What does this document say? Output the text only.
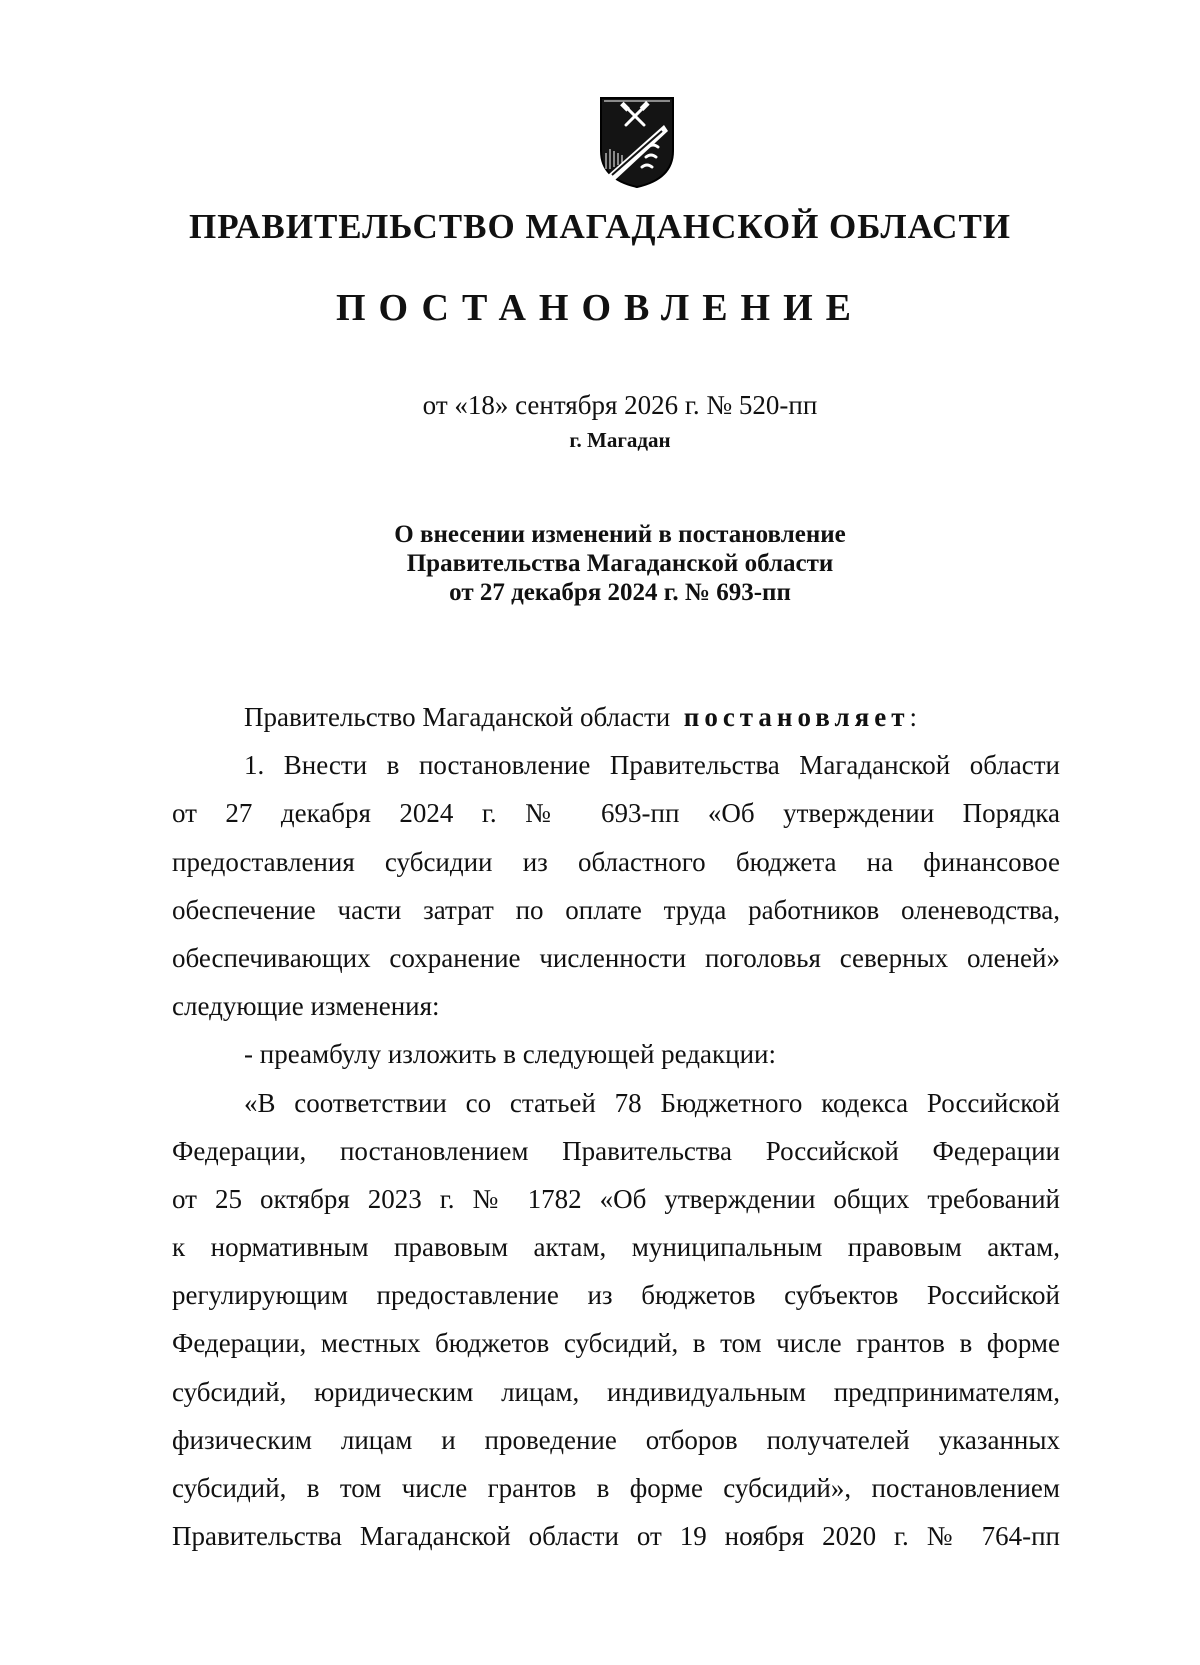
ПРАВИТЕЛЬСТВО МАГАДАНСКОЙ ОБЛАСТИ
ПОСТАНОВЛЕНИЕ
от «18» сентября 2026 г. № 520-пп
г. Магадан
О внесении изменений в постановление
Правительства Магаданской области
от 27 декабря 2024 г. № 693-пп
Правительство Магаданской области постановляет:
1. Внести в постановление Правительства Магаданской области
от 27 декабря 2024 г. № 693-пп «Об утверждении Порядка
предоставления субсидии из областного бюджета на финансовое
обеспечение части затрат по оплате труда работников оленеводства,
обеспечивающих сохранение численности поголовья северных оленей»
следующие изменения:
- преамбулу изложить в следующей редакции:
«В соответствии со статьей 78 Бюджетного кодекса Российской
Федерации, постановлением Правительства Российской Федерации
от 25 октября 2023 г. № 1782 «Об утверждении общих требований
к нормативным правовым актам, муниципальным правовым актам,
регулирующим предоставление из бюджетов субъектов Российской
Федерации, местных бюджетов субсидий, в том числе грантов в форме
субсидий, юридическим лицам, индивидуальным предпринимателям,
физическим лицам и проведение отборов получателей указанных
субсидий, в том числе грантов в форме субсидий», постановлением
Правительства Магаданской области от 19 ноября 2020 г. № 764-пп
